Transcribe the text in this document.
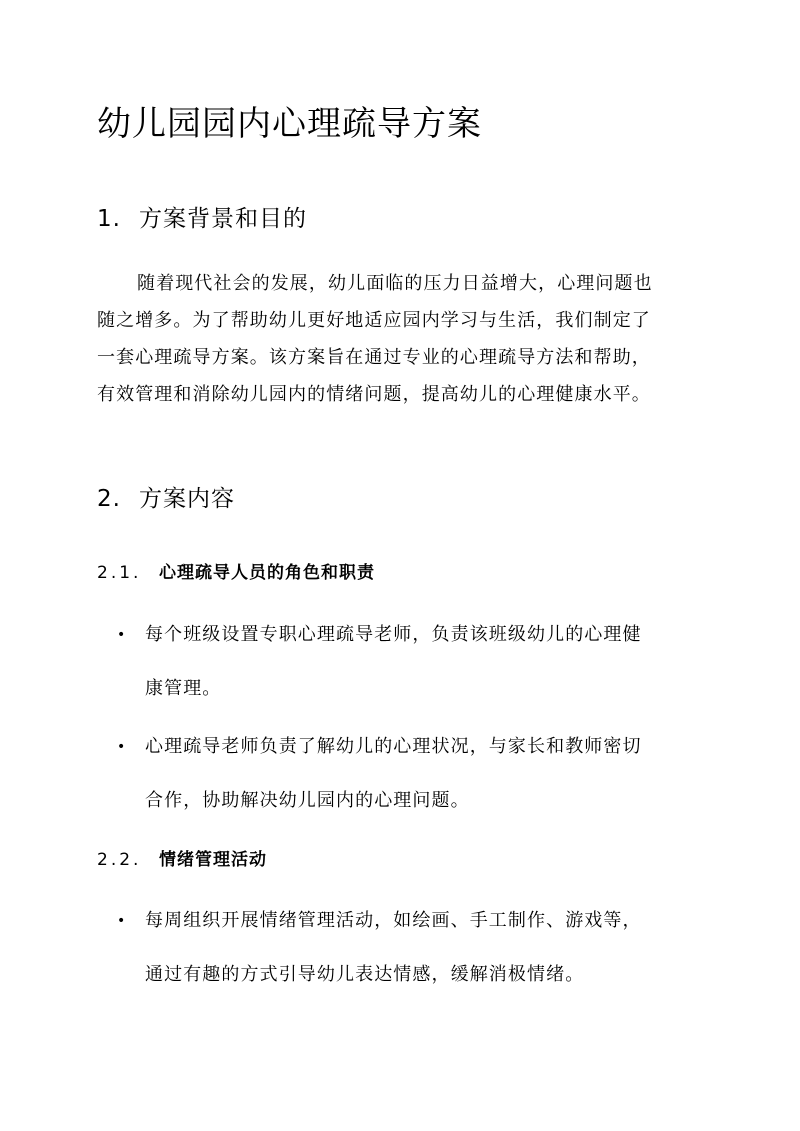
幼儿园园内心理疏导方案
1. 方案背景和目的
随着现代社会的发展，幼儿面临的压力日益增大，心理问题也
随之增多。为了帮助幼儿更好地适应园内学习与生活，我们制定了
一套心理疏导方案。该方案旨在通过专业的心理疏导方法和帮助，
有效管理和消除幼儿园内的情绪问题，提高幼儿的心理健康水平。
2. 方案内容
2.1. 心理疏导人员的角色和职责
•	每个班级设置专职心理疏导老师，负责该班级幼儿的心理健
康管理。
•	心理疏导老师负责了解幼儿的心理状况，与家长和教师密切
合作，协助解决幼儿园内的心理问题。
2.2. 情绪管理活动
•	每周组织开展情绪管理活动，如绘画、手工制作、游戏等，
通过有趣的方式引导幼儿表达情感，缓解消极情绪。
